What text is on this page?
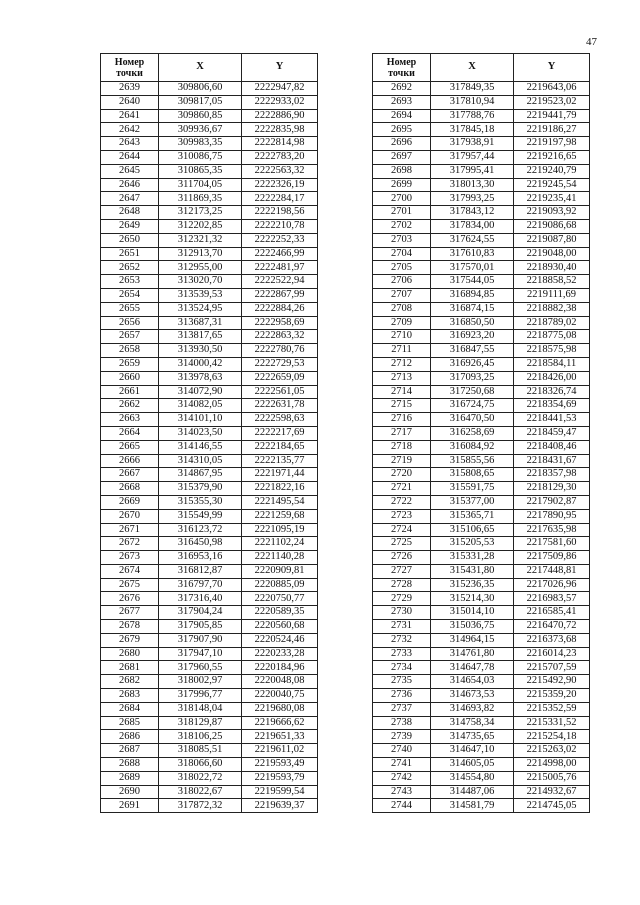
47
Номер
точки	X	Y
2639	309806,60	2222947,82
2640	309817,05	2222933,02
2641	309860,85	2222886,90
2642	309936,67	2222835,98
2643	309983,35	2222814,98
2644	310086,75	2222783,20
2645	310865,35	2222563,32
2646	311704,05	2222326,19
2647	311869,35	2222284,17
2648	312173,25	2222198,56
2649	312202,85	2222210,78
2650	312321,32	2222252,33
2651	312913,70	2222466,99
2652	312955,00	2222481,97
2653	313020,70	2222522,94
2654	313539,53	2222867,99
2655	313524,95	2222884,26
2656	313687,31	2222958,69
2657	313817,65	2222863,32
2658	313930,50	2222780,76
2659	314000,42	2222729,53
2660	313978,63	2222659,09
2661	314072,90	2222561,05
2662	314082,05	2222631,78
2663	314101,10	2222598,63
2664	314023,50	2222217,69
2665	314146,55	2222184,65
2666	314310,05	2222135,77
2667	314867,95	2221971,44
2668	315379,90	2221822,16
2669	315355,30	2221495,54
2670	315549,99	2221259,68
2671	316123,72	2221095,19
2672	316450,98	2221102,24
2673	316953,16	2221140,28
2674	316812,87	2220909,81
2675	316797,70	2220885,09
2676	317316,40	2220750,77
2677	317904,24	2220589,35
2678	317905,85	2220560,68
2679	317907,90	2220524,46
2680	317947,10	2220233,28
2681	317960,55	2220184,96
2682	318002,97	2220048,08
2683	317996,77	2220040,75
2684	318148,04	2219680,08
2685	318129,87	2219666,62
2686	318106,25	2219651,33
2687	318085,51	2219611,02
2688	318066,60	2219593,49
2689	318022,72	2219593,79
2690	318022,67	2219599,54
2691	317872,32	2219639,37
Номер
точки	X	Y
2692	317849,35	2219643,06
2693	317810,94	2219523,02
2694	317788,76	2219441,79
2695	317845,18	2219186,27
2696	317938,91	2219197,98
2697	317957,44	2219216,65
2698	317995,41	2219240,79
2699	318013,30	2219245,54
2700	317993,25	2219235,41
2701	317843,12	2219093,92
2702	317834,00	2219086,68
2703	317624,55	2219087,80
2704	317610,83	2219048,00
2705	317570,01	2218930,40
2706	317544,05	2218858,52
2707	316894,85	2219111,69
2708	316874,15	2218882,38
2709	316850,50	2218789,02
2710	316923,20	2218775,08
2711	316847,55	2218575,98
2712	316926,45	2218584,11
2713	317093,25	2218426,00
2714	317250,68	2218326,74
2715	316724,75	2218354,69
2716	316470,50	2218441,53
2717	316258,69	2218459,47
2718	316084,92	2218408,46
2719	315855,56	2218431,67
2720	315808,65	2218357,98
2721	315591,75	2218129,30
2722	315377,00	2217902,87
2723	315365,71	2217890,95
2724	315106,65	2217635,98
2725	315205,53	2217581,60
2726	315331,28	2217509,86
2727	315431,80	2217448,81
2728	315236,35	2217026,96
2729	315214,30	2216983,57
2730	315014,10	2216585,41
2731	315036,75	2216470,72
2732	314964,15	2216373,68
2733	314761,80	2216014,23
2734	314647,78	2215707,59
2735	314654,03	2215492,90
2736	314673,53	2215359,20
2737	314693,82	2215352,59
2738	314758,34	2215331,52
2739	314735,65	2215254,18
2740	314647,10	2215263,02
2741	314605,05	2214998,00
2742	314554,80	2215005,76
2743	314487,06	2214932,67
2744	314581,79	2214745,05
